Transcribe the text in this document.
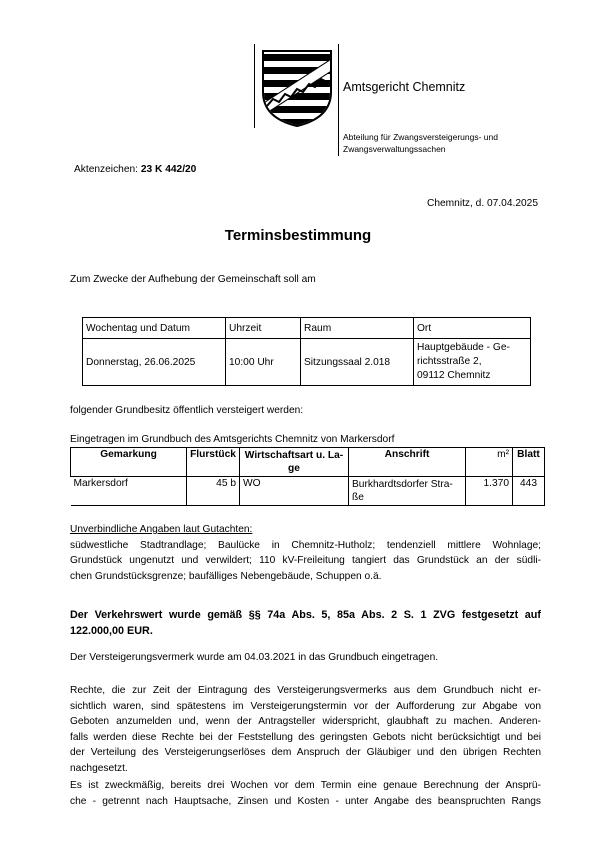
Amtsgericht Chemnitz
Abteilung für Zwangsversteigerungs- und
Zwangsverwaltungssachen
Aktenzeichen: 23 K 442/20
Chemnitz, d. 07.04.2025
Terminsbestimmung
Zum Zwecke der Aufhebung der Gemeinschaft soll am
Wochentag und Datum	Uhrzeit	Raum	Ort
Donnerstag, 26.06.2025	10:00 Uhr	Sitzungssaal 2.018	Hauptgebäude - Ge-
richtsstraße 2,
09112 Chemnitz
folgender Grundbesitz öffentlich versteigert werden:
Eingetragen im Grundbuch des Amtsgerichts Chemnitz von Markersdorf
Gemarkung	Flurstück	Wirtschaftsart u. La-
ge	Anschrift	m²	Blatt
Markersdorf	45 b	WO	Burkhardtsdorfer Stra-
ße	1.370	443
Unverbindliche Angaben laut Gutachten:
südwestliche Stadtrandlage; Baulücke in Chemnitz-Hutholz; tendenziell mittlere Wohnlage;
Grundstück ungenutzt und verwildert; 110 kV-Freileitung tangiert das Grundstück an der südli-
chen Grundstücksgrenze; baufälliges Nebengebäude, Schuppen o.ä.
Der Verkehrswert wurde gemäß §§ 74a Abs. 5, 85a Abs. 2 S. 1 ZVG festgesetzt auf
122.000,00 EUR.
Der Versteigerungsvermerk wurde am 04.03.2021 in das Grundbuch eingetragen.
Rechte, die zur Zeit der Eintragung des Versteigerungsvermerks aus dem Grundbuch nicht er-
sichtlich waren, sind spätestens im Versteigerungstermin vor der Aufforderung zur Abgabe von
Geboten anzumelden und, wenn der Antragsteller widerspricht, glaubhaft zu machen. Anderen-
falls werden diese Rechte bei der Feststellung des geringsten Gebots nicht berücksichtigt und bei
der Verteilung des Versteigerungserlöses dem Anspruch der Gläubiger und den übrigen Rechten
nachgesetzt.
Es ist zweckmäßig, bereits drei Wochen vor dem Termin eine genaue Berechnung der Ansprü-
che - getrennt nach Hauptsache, Zinsen und Kosten - unter Angabe des beanspruchten Rangs
